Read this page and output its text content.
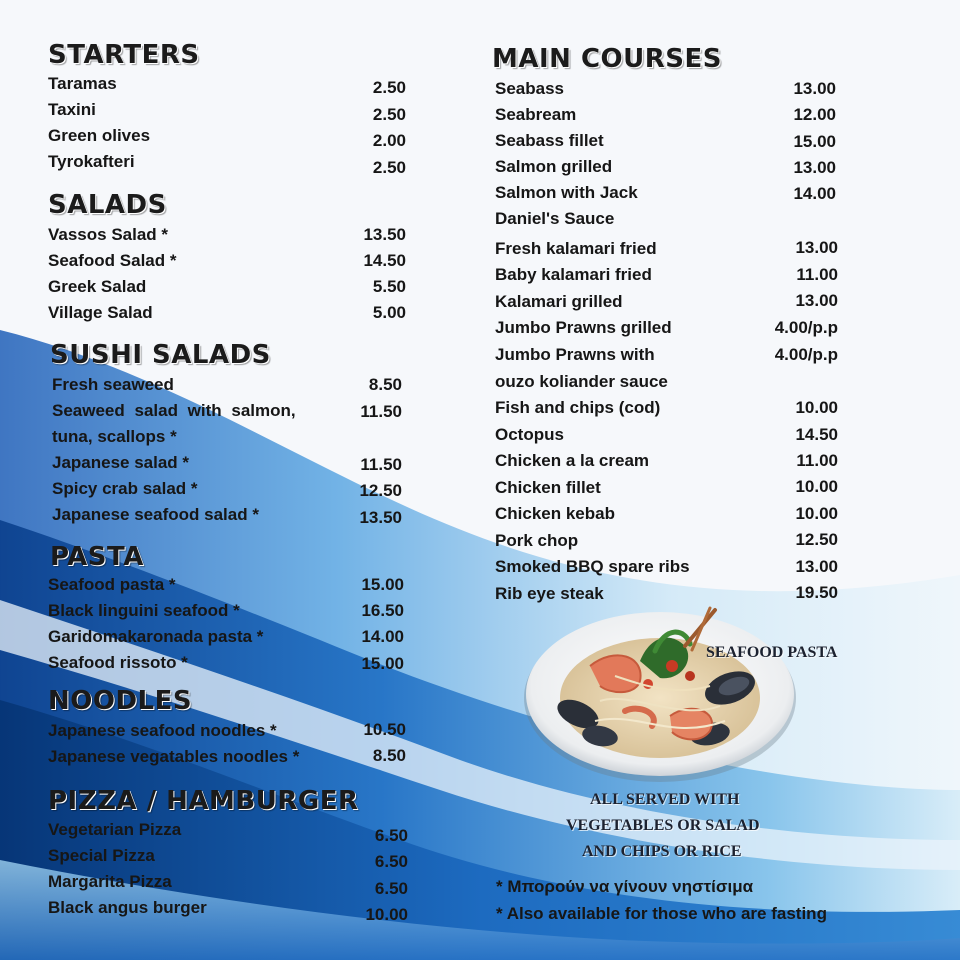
STARTERS
Taramas	2.50
Taxini	2.50
Green olives	2.00
Tyrokafteri	2.50
SALADS
Vassos Salad *	13.50
Seafood Salad *	14.50
Greek Salad	5.50
Village Salad	5.00
SUSHI SALADS
Fresh seaweed	8.50
Seaweed salad with salmon,
tuna, scallops *
11.50
Japanese salad *	11.50
Spicy crab salad *	12.50
Japanese seafood salad *	13.50
PASTA
Seafood pasta *	15.00
Black linguini seafood *	16.50
Garidomakaronada pasta *	14.00
Seafood rissoto *	15.00
NOODLES
Japanese seafood noodles *	10.50
Japanese vegatables noodles *	8.50
PIZZA / HAMBURGER
Vegetarian Pizza	6.50
Special Pizza	6.50
Margarita Pizza	6.50
Black angus burger	10.00
MAIN COURSES
Seabass	13.00
Seabream	12.00
Seabass fillet	15.00
Salmon grilled	13.00
Salmon with Jack
Daniel's Sauce
14.00
Fresh kalamari fried	13.00
Baby kalamari fried	11.00
Kalamari grilled	13.00
Jumbo Prawns grilled	4.00/p.p
Jumbo Prawns with
ouzo koliander sauce
4.00/p.p
Fish and chips (cod)	10.00
Octopus	14.50
Chicken a la cream	11.00
Chicken fillet	10.00
Chicken kebab	10.00
Pork chop	12.50
Smoked BBQ spare ribs	13.00
Rib eye steak	19.50
SEAFOOD PASTA
ALL SERVED WITH
VEGETABLES OR SALAD
AND CHIPS OR RICE
* Μπορούν να γίνουν νηστίσιμα
* Also available for those who are fasting
